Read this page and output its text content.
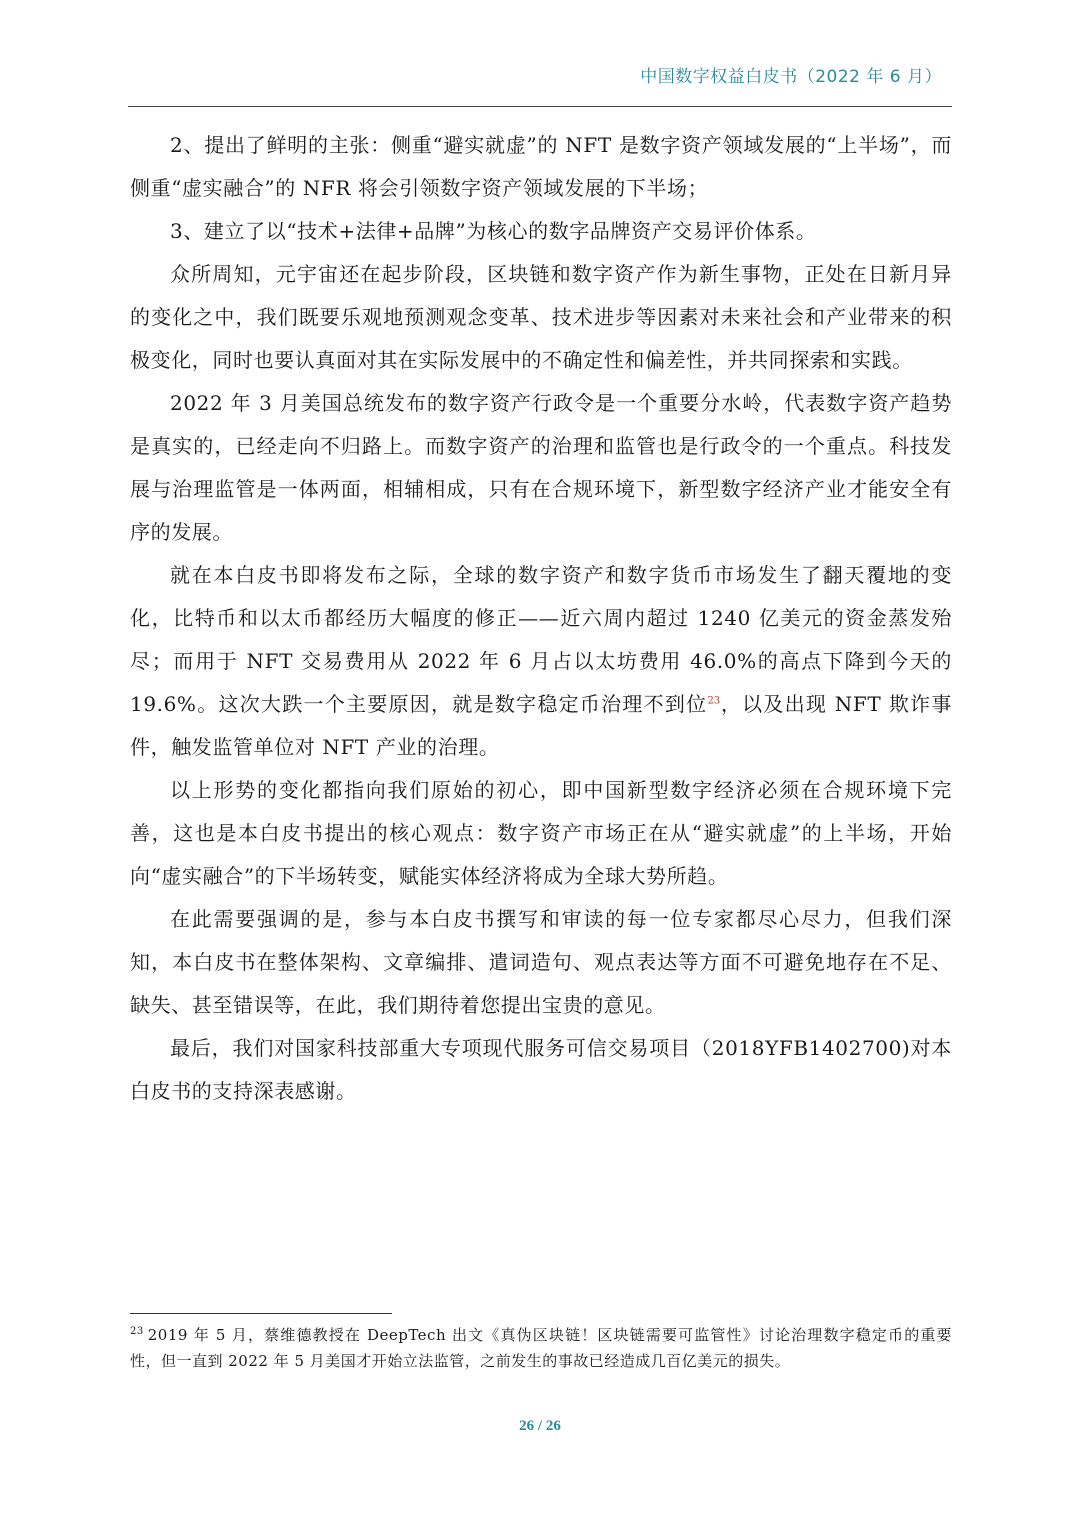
中国数字权益白皮书（2022 年 6 月）

2、提出了鲜明的主张：侧重“避实就虚”的 NFT 是数字资产领域发展的“上半场”，而侧重“虚实融合”的 NFR 将会引领数字资产领域发展的下半场；

3、建立了以“技术+法律+品牌”为核心的数字品牌资产交易评价体系。

众所周知，元宇宙还在起步阶段，区块链和数字资产作为新生事物，正处在日新月异的变化之中，我们既要乐观地预测观念变革、技术进步等因素对未来社会和产业带来的积极变化，同时也要认真面对其在实际发展中的不确定性和偏差性，并共同探索和实践。

2022 年 3 月美国总统发布的数字资产行政令是一个重要分水岭，代表数字资产趋势是真实的，已经走向不归路上。而数字资产的治理和监管也是行政令的一个重点。科技发展与治理监管是一体两面，相辅相成，只有在合规环境下，新型数字经济产业才能安全有序的发展。

就在本白皮书即将发布之际，全球的数字资产和数字货币市场发生了翻天覆地的变化，比特币和以太币都经历大幅度的修正——近六周内超过 1240 亿美元的资金蒸发殆尽；而用于 NFT 交易费用从 2022 年 6 月占以太坊费用 46.0%的高点下降到今天的 19.6%。这次大跌一个主要原因，就是数字稳定币治理不到位$^{23}$，以及出现 NFT 欺诈事件，触发监管单位对 NFT 产业的治理。

以上形势的变化都指向我们原始的初心，即中国新型数字经济必须在合规环境下完善，这也是本白皮书提出的核心观点：数字资产市场正在从“避实就虚”的上半场，开始向“虚实融合”的下半场转变，赋能实体经济将成为全球大势所趋。

在此需要强调的是，参与本白皮书撰写和审读的每一位专家都尽心尽力，但我们深知，本白皮书在整体架构、文章编排、遣词造句、观点表达等方面不可避免地存在不足、缺失、甚至错误等，在此，我们期待着您提出宝贵的意见。

最后，我们对国家科技部重大专项现代服务可信交易项目（2018YFB1402700)对本白皮书的支持深表感谢。

$^{23}$ 2019 年 5 月，蔡维德教授在 DeepTech 出文《真伪区块链！区块链需要可监管性》讨论治理数字稳定币的重要性，但一直到 2022 年 5 月美国才开始立法监管，之前发生的事故已经造成几百亿美元的损失。

26 / 26
